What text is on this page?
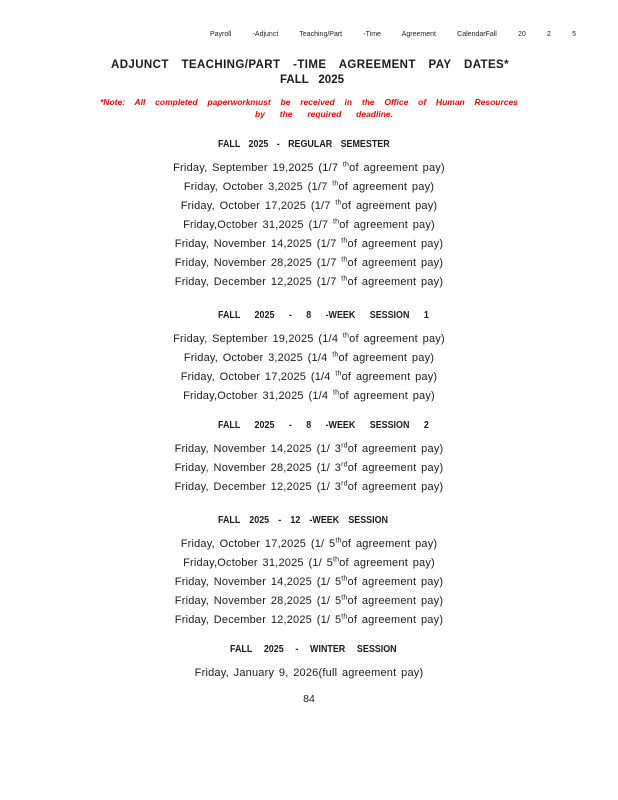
Payroll -Adjunct Teaching/Part -Time Agreement CalendarFall 20 2 5
ADJUNCT TEACHING/PART -TIME AGREEMENT PAY DATES*
FALL 2025
*Note: All completed paperworkmust be received in the Office of Human Resources
by the required deadline.
FALL 2025 - REGULAR SEMESTER
Friday, September 19,2025 (1/7 $^{th}$of agreement pay)
Friday, October 3,2025 (1/7 $^{th}$of agreement pay)
Friday, October 17,2025 (1/7 $^{th}$of agreement pay)
Friday,October 31,2025 (1/7 $^{th}$of agreement pay)
Friday, November 14,2025 (1/7 $^{th}$of agreement pay)
Friday, November 28,2025 (1/7 $^{th}$of agreement pay)
Friday, December 12,2025 (1/7 $^{th}$of agreement pay)
FALL 2025 - 8 -WEEK SESSION 1
Friday, September 19,2025 (1/4 $^{th}$of agreement pay)
Friday, October 3,2025 (1/4 $^{th}$of agreement pay)
Friday, October 17,2025 (1/4 $^{th}$of agreement pay)
Friday,October 31,2025 (1/4 $^{th}$of agreement pay)
FALL 2025 - 8 -WEEK SESSION 2
Friday, November 14,2025 (1/ 3rdof agreement pay)
Friday, November 28,2025 (1/ 3rdof agreement pay)
Friday, December 12,2025 (1/ 3rdof agreement pay)
FALL 2025 - 12 -WEEK SESSION
Friday, October 17,2025 (1/ 5thof agreement pay)
Friday,October 31,2025 (1/ 5thof agreement pay)
Friday, November 14,2025 (1/ 5thof agreement pay)
Friday, November 28,2025 (1/ 5thof agreement pay)
Friday, December 12,2025 (1/ 5thof agreement pay)
FALL 2025 - WINTER SESSION
Friday, January 9, 2026(full agreement pay)
84
